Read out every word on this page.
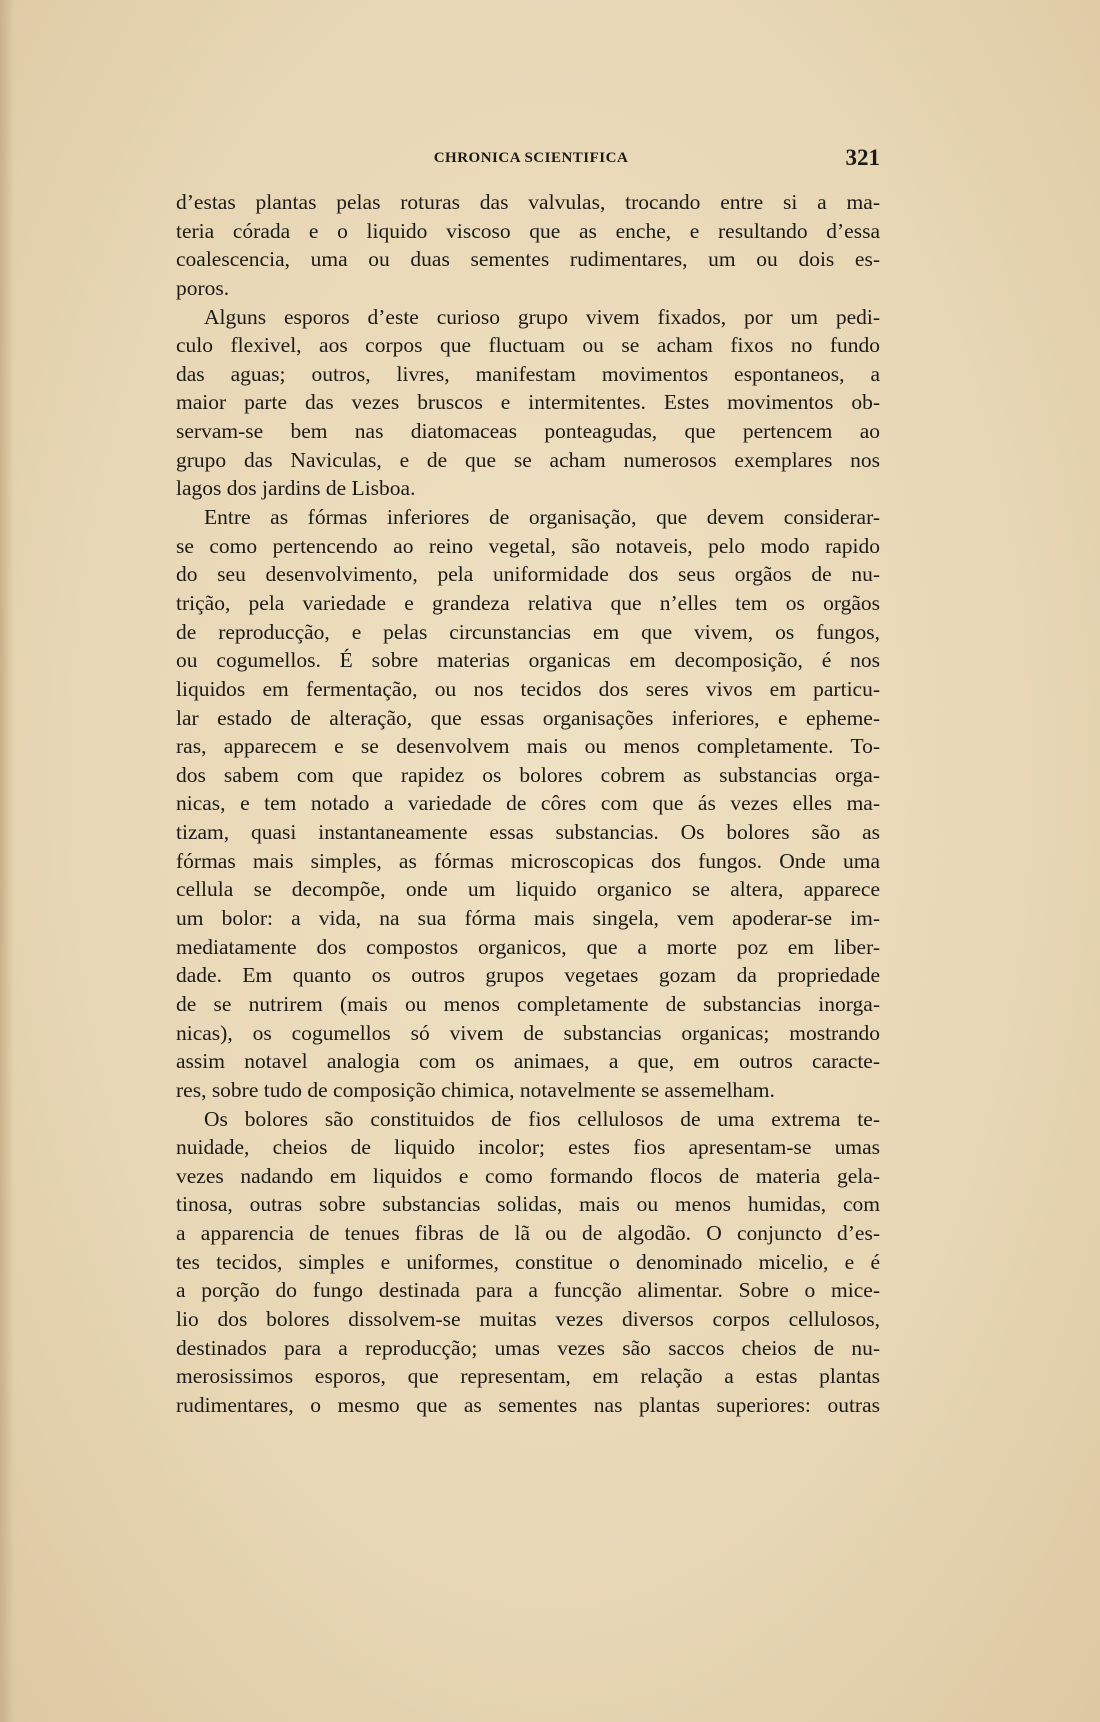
CHRONICA SCIENTIFICA	321
d’estas plantas pelas roturas das valvulas, trocando entre si a ma-
teria córada e o liquido viscoso que as enche, e resultando d’essa
coalescencia, uma ou duas sementes rudimentares, um ou dois es-
poros.
Alguns esporos d’este curioso grupo vivem fixados, por um pedi-
culo flexivel, aos corpos que fluctuam ou se acham fixos no fundo
das aguas; outros, livres, manifestam movimentos espontaneos, a
maior parte das vezes bruscos e intermitentes. Estes movimentos ob-
servam-se bem nas diatomaceas ponteagudas, que pertencem ao
grupo das Naviculas, e de que se acham numerosos exemplares nos
lagos dos jardins de Lisboa.
Entre as fórmas inferiores de organisação, que devem considerar-
se como pertencendo ao reino vegetal, são notaveis, pelo modo rapido
do seu desenvolvimento, pela uniformidade dos seus orgãos de nu-
trição, pela variedade e grandeza relativa que n’elles tem os orgãos
de reproducção, e pelas circunstancias em que vivem, os fungos,
ou cogumellos. É sobre materias organicas em decomposição, é nos
liquidos em fermentação, ou nos tecidos dos seres vivos em particu-
lar estado de alteração, que essas organisações inferiores, e epheme-
ras, apparecem e se desenvolvem mais ou menos completamente. To-
dos sabem com que rapidez os bolores cobrem as substancias orga-
nicas, e tem notado a variedade de côres com que ás vezes elles ma-
tizam, quasi instantaneamente essas substancias. Os bolores são as
fórmas mais simples, as fórmas microscopicas dos fungos. Onde uma
cellula se decompõe, onde um liquido organico se altera, apparece
um bolor: a vida, na sua fórma mais singela, vem apoderar-se im-
mediatamente dos compostos organicos, que a morte poz em liber-
dade. Em quanto os outros grupos vegetaes gozam da propriedade
de se nutrirem (mais ou menos completamente de substancias inorga-
nicas), os cogumellos só vivem de substancias organicas; mostrando
assim notavel analogia com os animaes, a que, em outros caracte-
res, sobre tudo de composição chimica, notavelmente se assemelham.
Os bolores são constituidos de fios cellulosos de uma extrema te-
nuidade, cheios de liquido incolor; estes fios apresentam-se umas
vezes nadando em liquidos e como formando flocos de materia gela-
tinosa, outras sobre substancias solidas, mais ou menos humidas, com
a apparencia de tenues fibras de lã ou de algodão. O conjuncto d’es-
tes tecidos, simples e uniformes, constitue o denominado micelio, e é
a porção do fungo destinada para a funcção alimentar. Sobre o mice-
lio dos bolores dissolvem-se muitas vezes diversos corpos cellulosos,
destinados para a reproducção; umas vezes são saccos cheios de nu-
merosissimos esporos, que representam, em relação a estas plantas
rudimentares, o mesmo que as sementes nas plantas superiores: outras
